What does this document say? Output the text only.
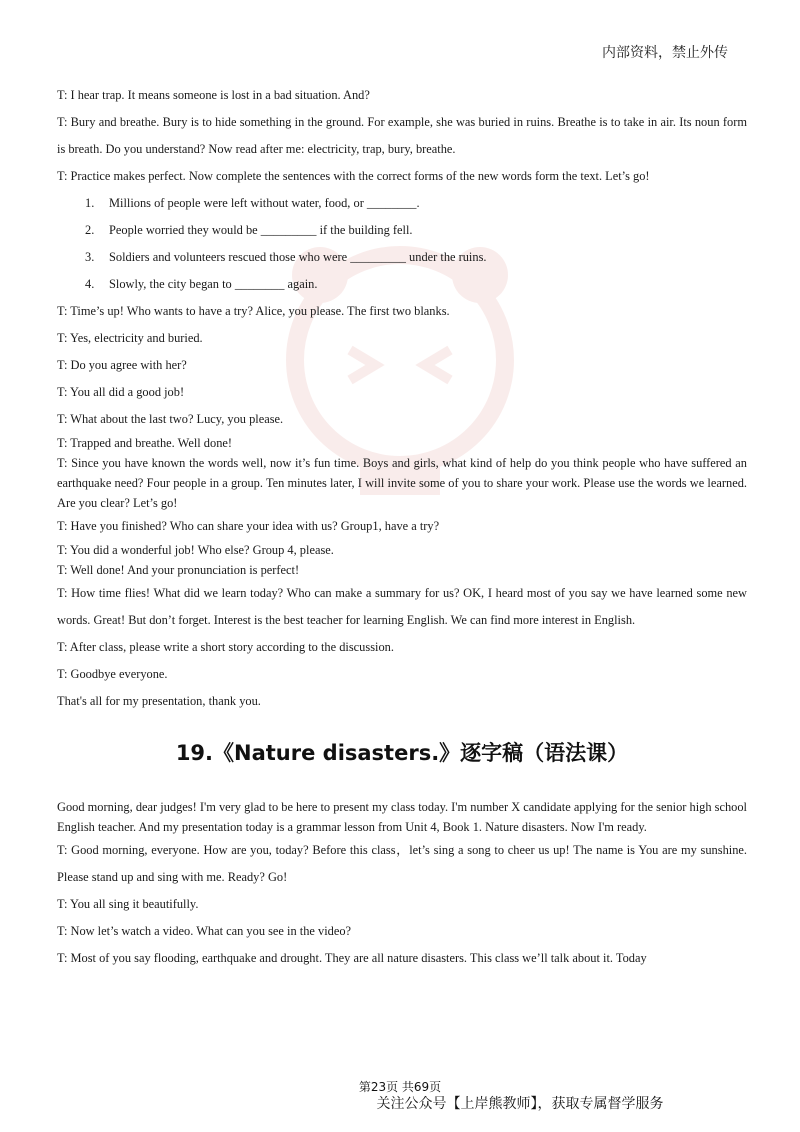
内部资料，禁止外传

T: I hear trap. It means someone is lost in a bad situation. And?

T: Bury and breathe. Bury is to hide something in the ground. For example, she was buried in ruins. Breathe is to take in air. Its noun form is breath. Do you understand? Now read after me: electricity, trap, bury, breathe.

T: Practice makes perfect. Now complete the sentences with the correct forms of the new words form the text. Let’s go!

1. Millions of people were left without water, food, or ________.
2. People worried they would be _________ if the building fell.
3. Soldiers and volunteers rescued those who were _________ under the ruins.
4. Slowly, the city began to ________ again.

T: Time’s up! Who wants to have a try? Alice, you please. The first two blanks.

T: Yes, electricity and buried.

T: Do you agree with her?

T: You all did a good job!

T: What about the last two? Lucy, you please.

T: Trapped and breathe. Well done!

T: Since you have known the words well, now it’s fun time. Boys and girls, what kind of help do you think people who have suffered an earthquake need? Four people in a group. Ten minutes later, I will invite some of you to share your work. Please use the words we learned. Are you clear? Let’s go!

T: Have you finished? Who can share your idea with us? Group1, have a try?

T: You did a wonderful job! Who else? Group 4, please.

T: Well done! And your pronunciation is perfect!

T: How time flies! What did we learn today? Who can make a summary for us? OK, I heard most of you say we have learned some new words. Great! But don’t forget. Interest is the best teacher for learning English. We can find more interest in English.

T: After class, please write a short story according to the discussion.

T: Goodbye everyone.

That's all for my presentation, thank you.

19.《Nature disasters.》逐字稿（语法课）

Good morning, dear judges! I'm very glad to be here to present my class today. I'm number X candidate applying for the senior high school English teacher. And my presentation today is a grammar lesson from Unit 4, Book 1. Nature disasters. Now I'm ready.

T: Good morning, everyone. How are you, today? Before this class，let’s sing a song to cheer us up! The name is You are my sunshine. Please stand up and sing with me. Ready? Go!

T: You all sing it beautifully.

T: Now let’s watch a video. What can you see in the video?

T: Most of you say flooding, earthquake and drought. They are all nature disasters. This class we’ll talk about it. Today

第23页 共69页
关注公众号【上岸熊教师】，获取专属督学服务
